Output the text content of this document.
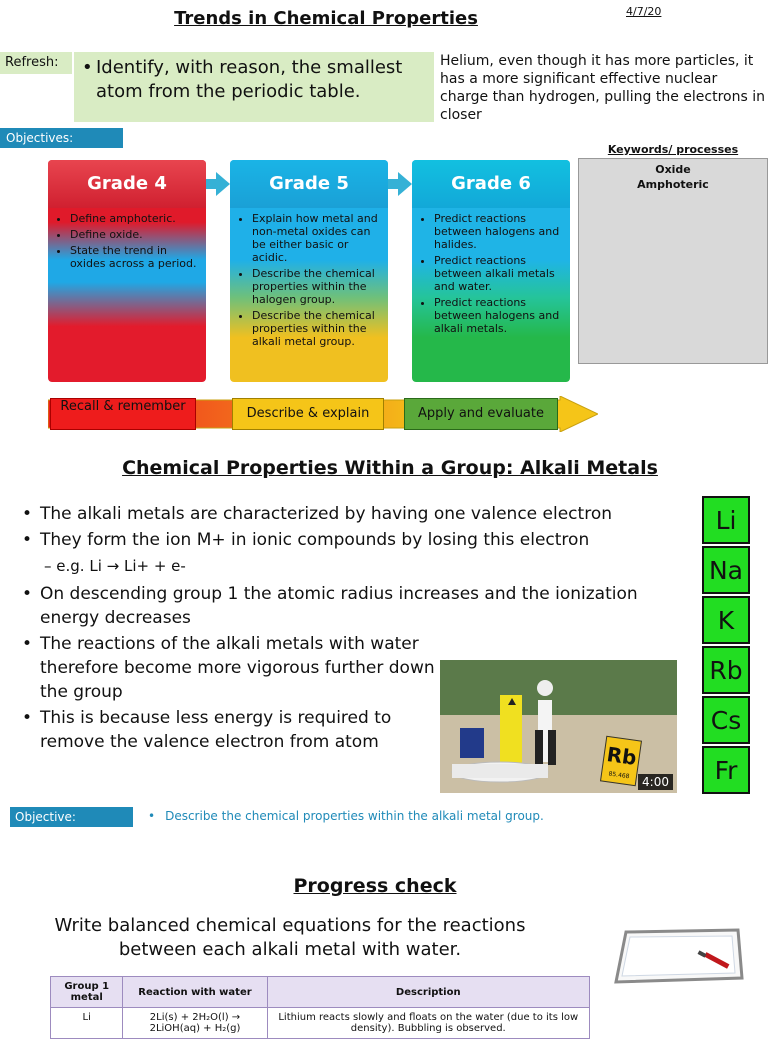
Trends in Chemical Properties	4/7/20
Refresh:	• Identify, with reason, the smallest atom from the periodic table.
Helium, even though it has more particles, it has a more significant effective nuclear charge than hydrogen, pulling the electrons in closer
Objectives:
Keywords/ processes
Oxide
Amphoteric
Grade 4
• Define amphoteric.
• Define oxide.
• State the trend in oxides across a period.
Grade 5
• Explain how metal and non-metal oxides can be either basic or acidic.
• Describe the chemical properties within the halogen group.
• Describe the chemical properties within the alkali metal group.
Grade 6
• Predict reactions between halogens and halides.
• Predict reactions between alkali metals and water.
• Predict reactions between halogens and alkali metals.
Recall & remember	Describe & explain	Apply and evaluate
Chemical Properties Within a Group: Alkali Metals
• The alkali metals are characterized by having one valence electron
• They form the ion M+ in ionic compounds by losing this electron
– e.g. Li → Li+ + e-
• On descending group 1 the atomic radius increases and the ionization energy decreases
• The reactions of the alkali metals with water therefore become more vigorous further down the group
• This is because less energy is required to remove the valence electron from atom
Rb
85.468	4:00
Li
Na
K
Rb
Cs
Fr
Objective:	• Describe the chemical properties within the alkali metal group.
Progress check
Write balanced chemical equations for the reactions between each alkali metal with water.
Group 1 metal	Reaction with water	Description
Li	2Li(s) + 2H₂O(l) → 2LiOH(aq) + H₂(g)	Lithium reacts slowly and floats on the water (due to its low density). Bubbling is observed.
